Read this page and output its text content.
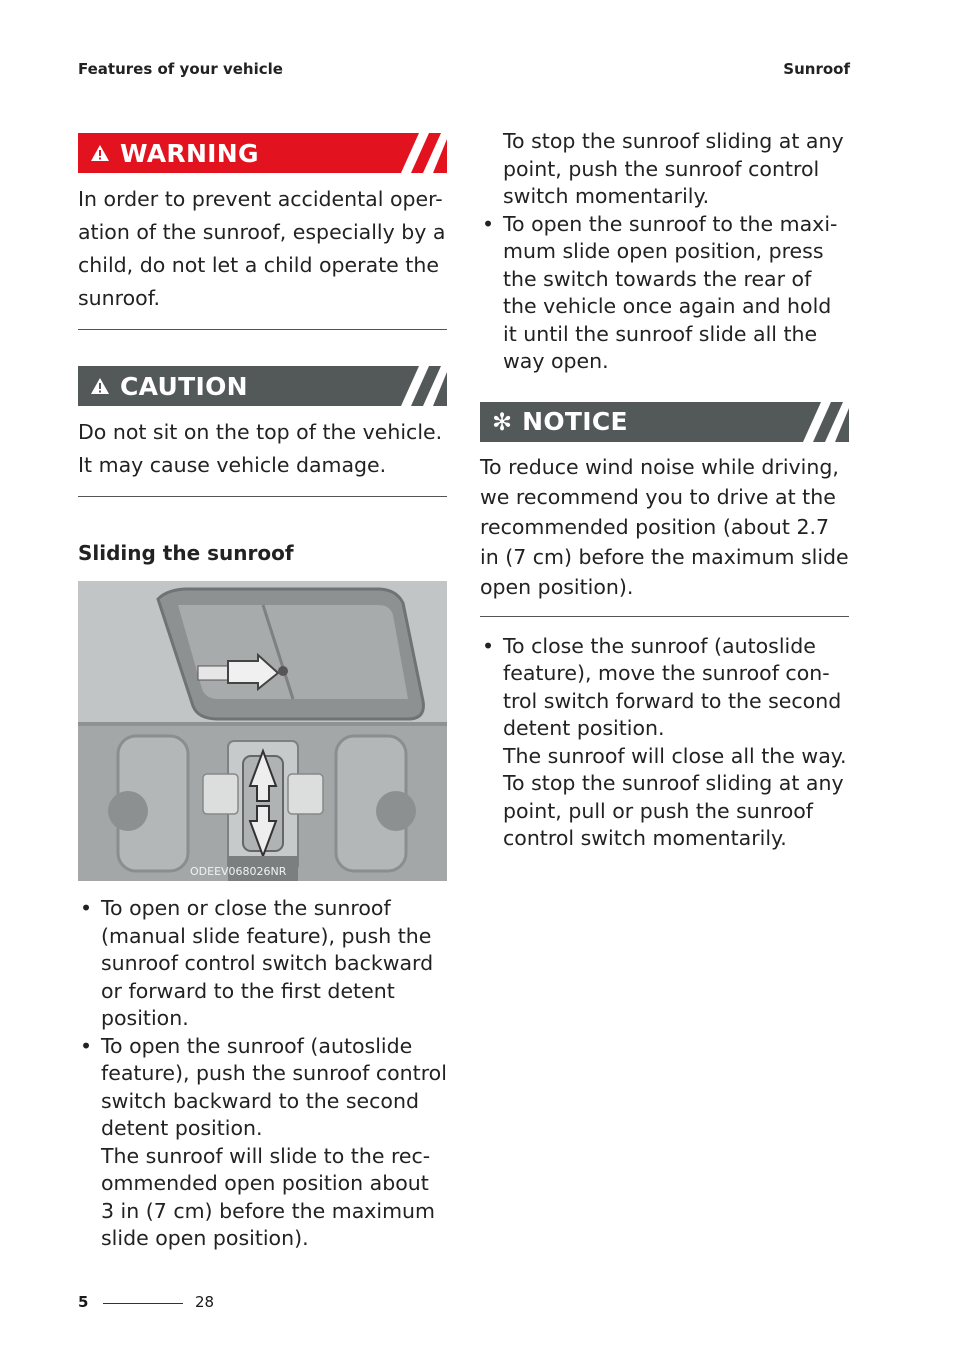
Features of your vehicle	Sunroof
WARNING
In order to prevent accidental oper-ation of the sunroof, especially by a child, do not let a child operate the sunroof.
CAUTION
Do not sit on the top of the vehicle.
It may cause vehicle damage.
Sliding the sunroof
ODEEV068026NR
• To open or close the sunroof (manual slide feature), push the sunroof control switch backward or forward to the first detent position.
• To open the sunroof (autoslide feature), push the sunroof control switch backward to the second detent position.
The sunroof will slide to the rec-ommended open position about 3 in (7 cm) before the maximum slide open position).
To stop the sunroof sliding at any point, push the sunroof control switch momentarily.
• To open the sunroof to the maxi-mum slide open position, press the switch towards the rear of the vehicle once again and hold it until the sunroof slide all the way open.
✻ NOTICE
To reduce wind noise while driving, we recommend you to drive at the recommended position (about 2.7 in (7 cm) before the maximum slide open position).
• To close the sunroof (autoslide feature), move the sunroof con-trol switch forward to the second detent position.
The sunroof will close all the way.
To stop the sunroof sliding at any point, pull or push the sunroof control switch momentarily.
5	28
